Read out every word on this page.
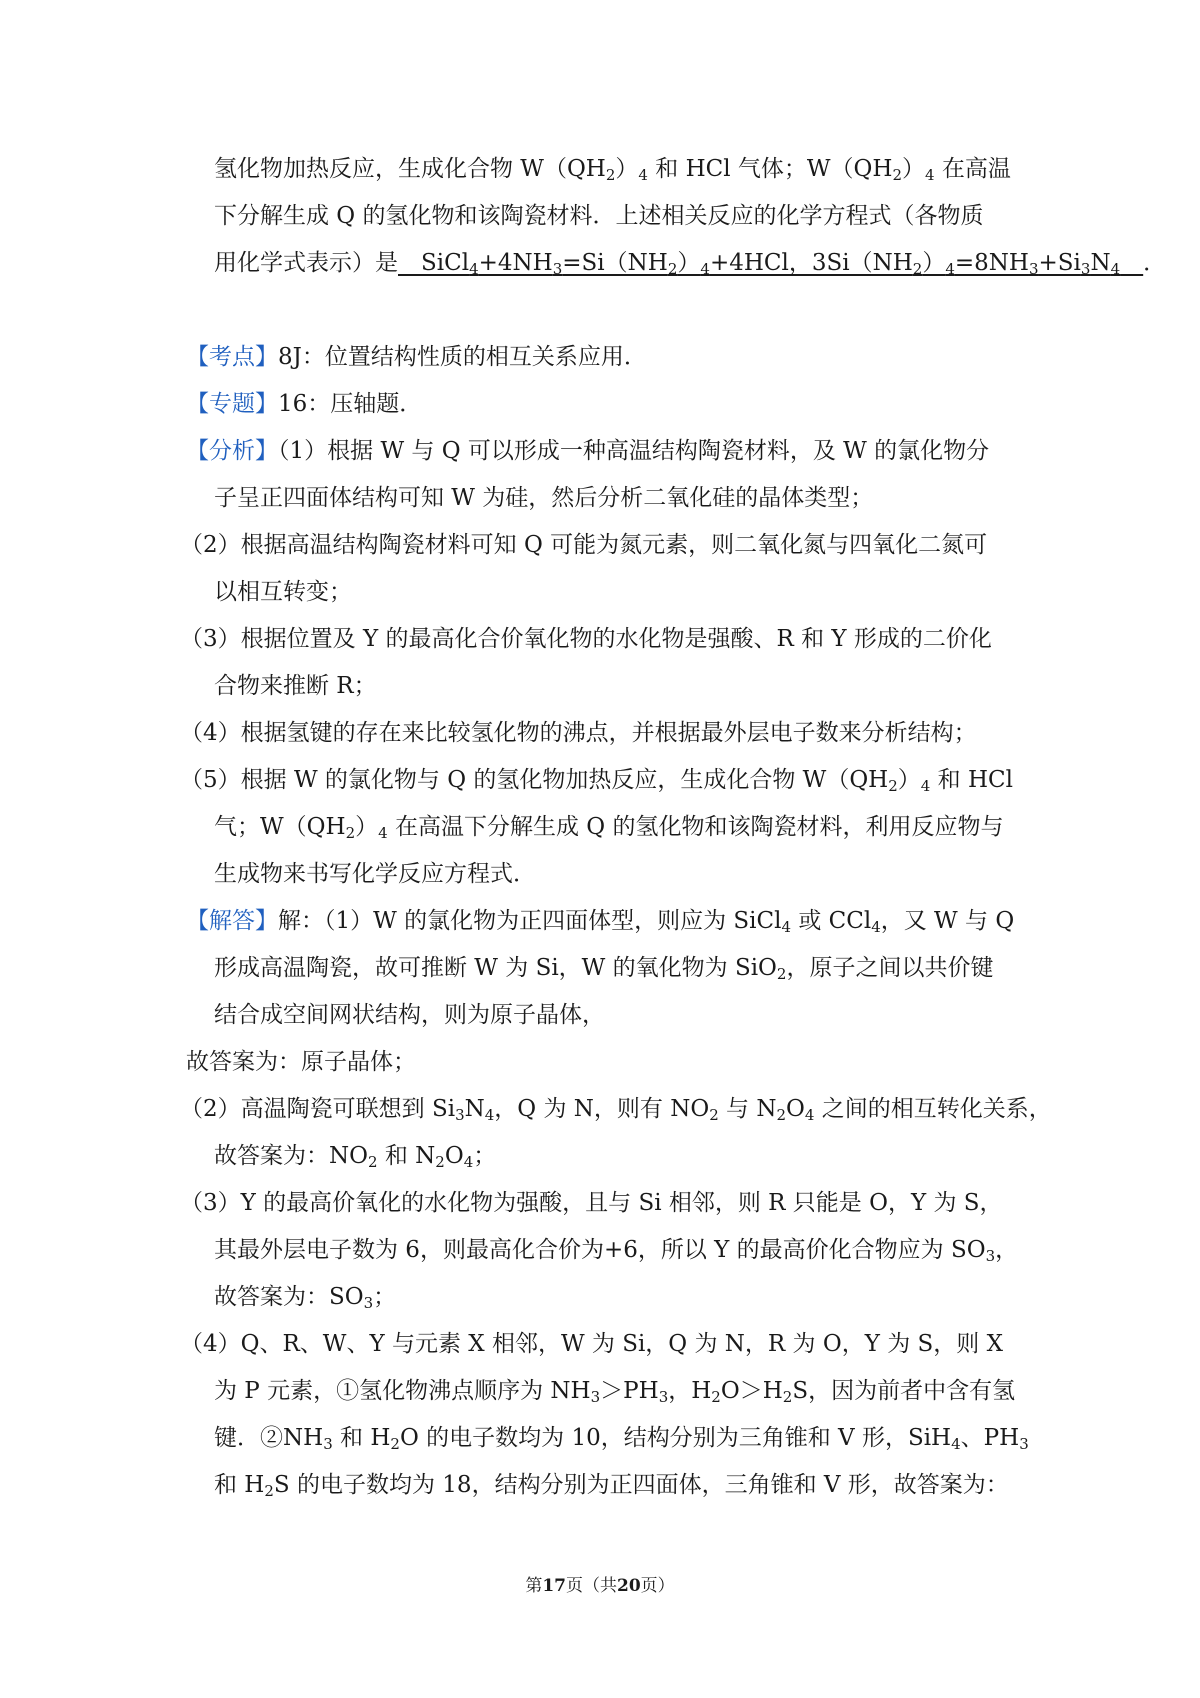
氢化物加热反应，生成化合物 $W(QH_2)_4$ 和 HCl 气体；$W(QH_2)_4$ 在高温
下分解生成 Q 的氢化物和该陶瓷材料．上述相关反应的化学方程式（各物质
用化学式表示）是$\_\_SiCl_4+4NH_3=Si(NH_2)_4+4HCl$，$3Si(NH_2)_4=8NH_3+Si_3N_4\_\_$．
【考点】8J：位置结构性质的相互关系应用．
【专题】16：压轴题．
【分析】（1）根据 W 与 Q 可以形成一种高温结构陶瓷材料，及 W 的氯化物分
子呈正四面体结构可知 W 为硅，然后分析二氧化硅的晶体类型；
（2）根据高温结构陶瓷材料可知 Q 可能为氮元素，则二氧化氮与四氧化二氮可
以相互转变；
（3）根据位置及 Y 的最高化合价氧化物的水化物是强酸、R 和 Y 形成的二价化
合物来推断 R；
（4）根据氢键的存在来比较氢化物的沸点，并根据最外层电子数来分析结构；
（5）根据 W 的氯化物与 Q 的氢化物加热反应，生成化合物 $W(QH_2)_4$ 和 HCl
气；$W(QH_2)_4$ 在高温下分解生成 Q 的氢化物和该陶瓷材料，利用反应物与
生成物来书写化学反应方程式．
【解答】解：（1）W 的氯化物为正四面体型，则应为 SiCl$_4$ 或 CCl$_4$，又 W 与 Q
形成高温陶瓷，故可推断 W 为 Si，W 的氧化物为 SiO$_2$，原子之间以共价键
结合成空间网状结构，则为原子晶体，
故答案为：原子晶体；
（2）高温陶瓷可联想到 $Si_3N_4$，Q 为 N，则有 $NO_2$ 与 $N_2O_4$ 之间的相互转化关系，
故答案为：$NO_2$ 和 $N_2O_4$；
（3）Y 的最高价氧化的水化物为强酸，且与 Si 相邻，则 R 只能是 O，Y 为 S，
其最外层电子数为 6，则最高化合价为+6，所以 Y 的最高价化合物应为 $SO_3$，
故答案为：$SO_3$；
（4）Q、R、W、Y 与元素 X 相邻，W 为 Si，Q 为 N，R 为 O，Y 为 S，则 X
为 P 元素，①氢化物沸点顺序为 $NH_3>PH_3$，$H_2O>H_2S$，因为前者中含有氢
键．$②NH_3$ 和 $H_2O$ 的电子数均为 10，结构分别为三角锥和 V 形，SiH$_4$、$PH_3$
和 $H_2S$ 的电子数均为 18，结构分别为正四面体，三角锥和 V 形，故答案为：
第17页（共20页）
